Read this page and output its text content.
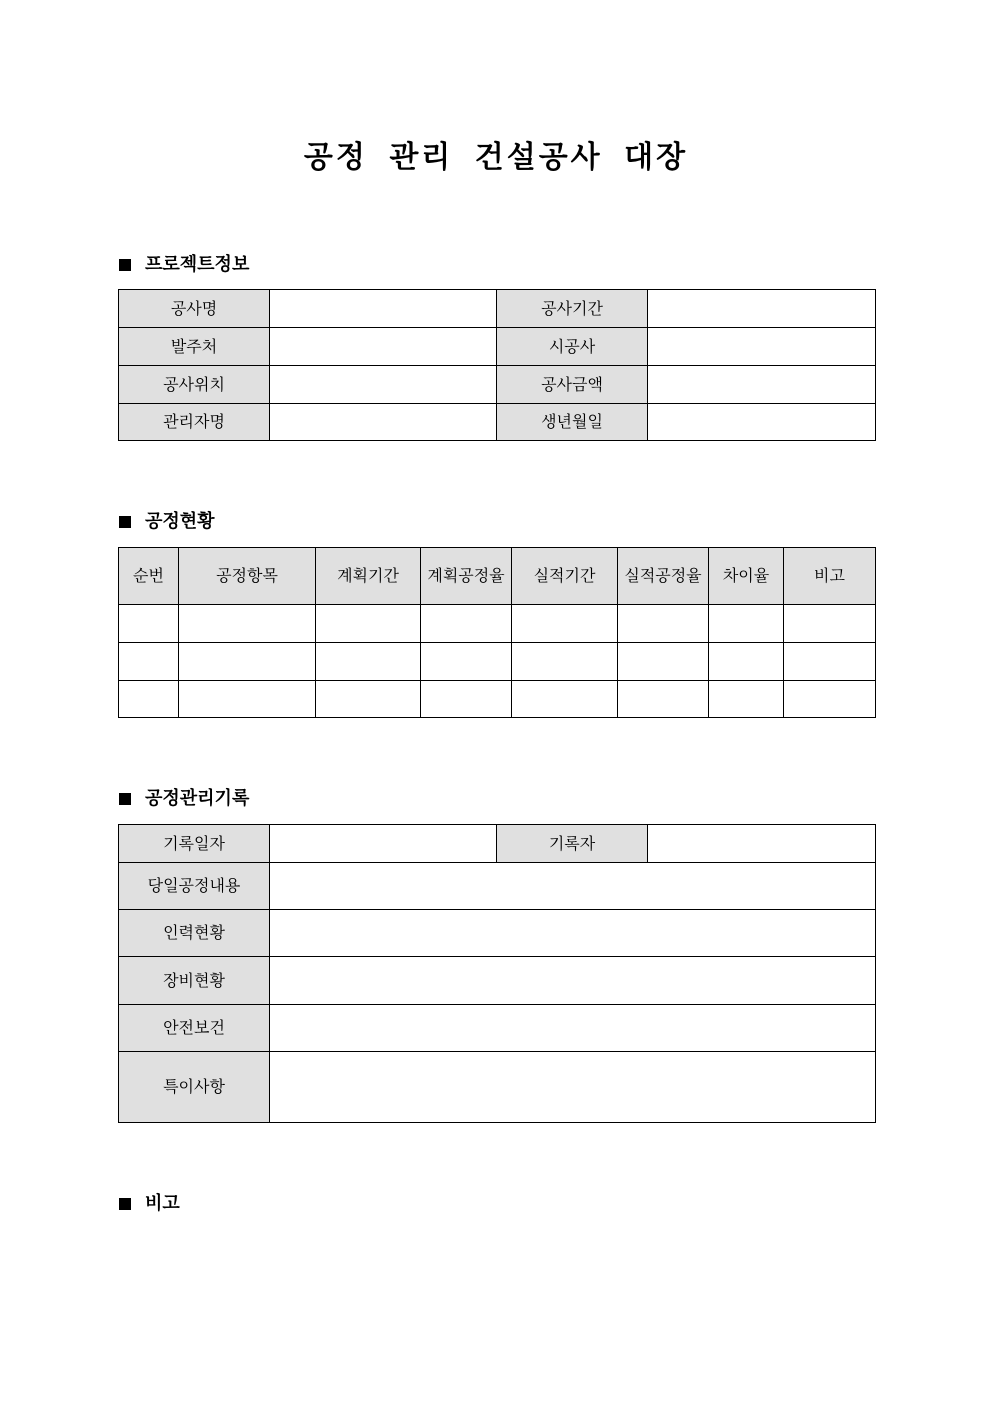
공정 관리 건설공사 대장
프로젝트정보
공사명		공사기간	
발주처		시공사	
공사위치		공사금액	
관리자명		생년월일	
공정현황
순번	공정항목	계획기간	계획공정율	실적기간	실적공정율	차이율	비고

공정관리기록
기록일자		기록자	
당일공정내용			
인력현황			
장비현황			
안전보건			
특이사항			
비고
